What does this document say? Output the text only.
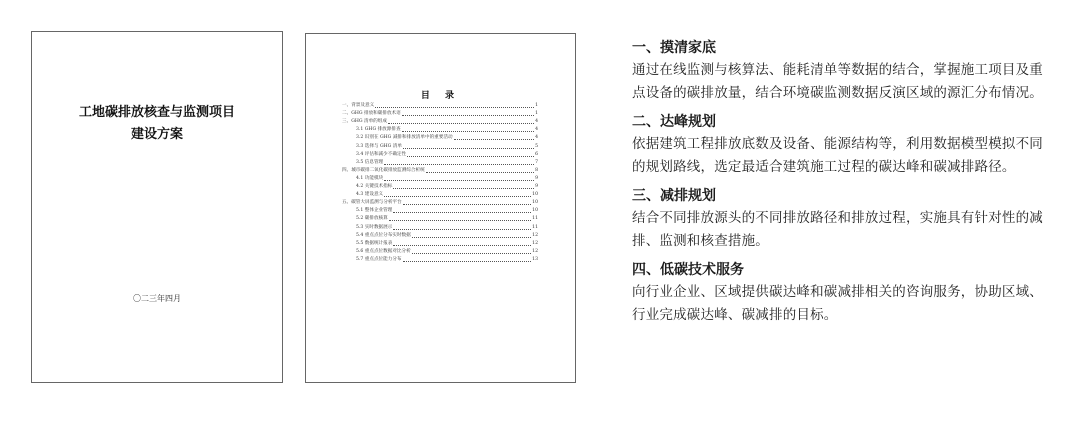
工地碳排放核查与监测项目
建设方案
〇二三年四月
目 录
一、背景及意义	1
二、GHG 排放和碳排放术语	1
三、GHG 清单的组成	4
3.1 GHG 排放源排查	4
3.2 识别在 GHG 减排和排放清单中的重要活动	4
3.3 选择与 GHG 清单	5
3.4 评估和减少不确定性	6
3.5 信息管理	7
四、城市碳排二氧化碳排放监测综合析统	8
4.1 功能模块	9
4.2 关键技术指标	9
4.3 建设意义	10
五、碳管大屏监测与分析平台	10
5.1 整体企业管理	10
5.2 碳排放核算	11
5.3 实时数据展示	11
5.4 重点点位分布实时数据	12
5.5 数据统计报表	12
5.6 重点点位数据对比分析	12
5.7 重点点位能力分布	13
一、摸清家底
通过在线监测与核算法、能耗清单等数据的结合，掌握施工项目及重点设备的碳排放量，结合环境碳监测数据反演区域的源汇分布情况。
二、达峰规划
依据建筑工程排放底数及设备、能源结构等，利用数据模型模拟不同的规划路线，选定最适合建筑施工过程的碳达峰和碳减排路径。
三、减排规划
结合不同排放源头的不同排放路径和排放过程，实施具有针对性的减排、监测和核查措施。
四、低碳技术服务
向行业企业、区域提供碳达峰和碳减排相关的咨询服务，协助区域、行业完成碳达峰、碳减排的目标。
